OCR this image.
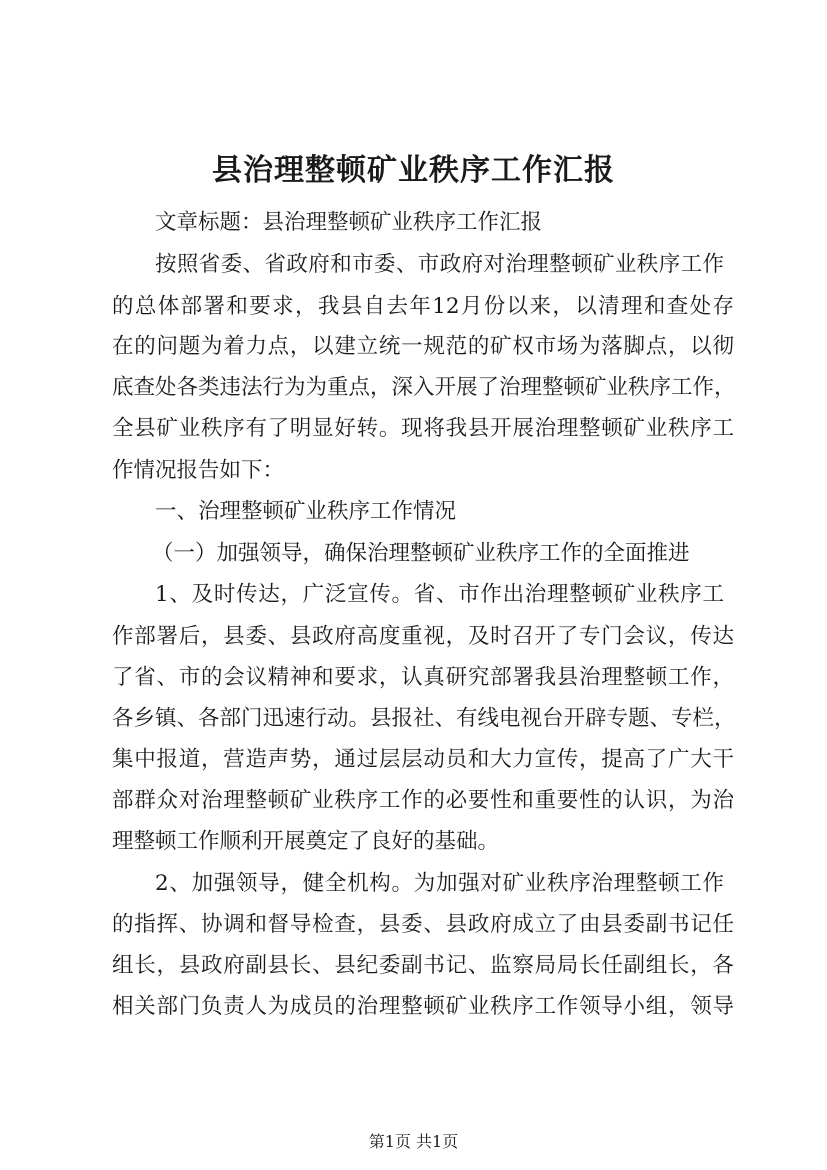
县治理整顿矿业秩序工作汇报
文章标题：县治理整顿矿业秩序工作汇报
按照省委、省政府和市委、市政府对治理整顿矿业秩序工作
的总体部署和要求，我县自去年12月份以来，以清理和查处存
在的问题为着力点，以建立统一规范的矿权市场为落脚点，以彻
底查处各类违法行为为重点，深入开展了治理整顿矿业秩序工作，
全县矿业秩序有了明显好转。现将我县开展治理整顿矿业秩序工
作情况报告如下：
一、治理整顿矿业秩序工作情况
（一）加强领导，确保治理整顿矿业秩序工作的全面推进
1、及时传达，广泛宣传。省、市作出治理整顿矿业秩序工
作部署后，县委、县政府高度重视，及时召开了专门会议，传达
了省、市的会议精神和要求，认真研究部署我县治理整顿工作，
各乡镇、各部门迅速行动。县报社、有线电视台开辟专题、专栏，
集中报道，营造声势，通过层层动员和大力宣传，提高了广大干
部群众对治理整顿矿业秩序工作的必要性和重要性的认识，为治
理整顿工作顺利开展奠定了良好的基础。
2、加强领导，健全机构。为加强对矿业秩序治理整顿工作
的指挥、协调和督导检查，县委、县政府成立了由县委副书记任
组长，县政府副县长、县纪委副书记、监察局局长任副组长，各
相关部门负责人为成员的治理整顿矿业秩序工作领导小组，领导
第1页 共1页
